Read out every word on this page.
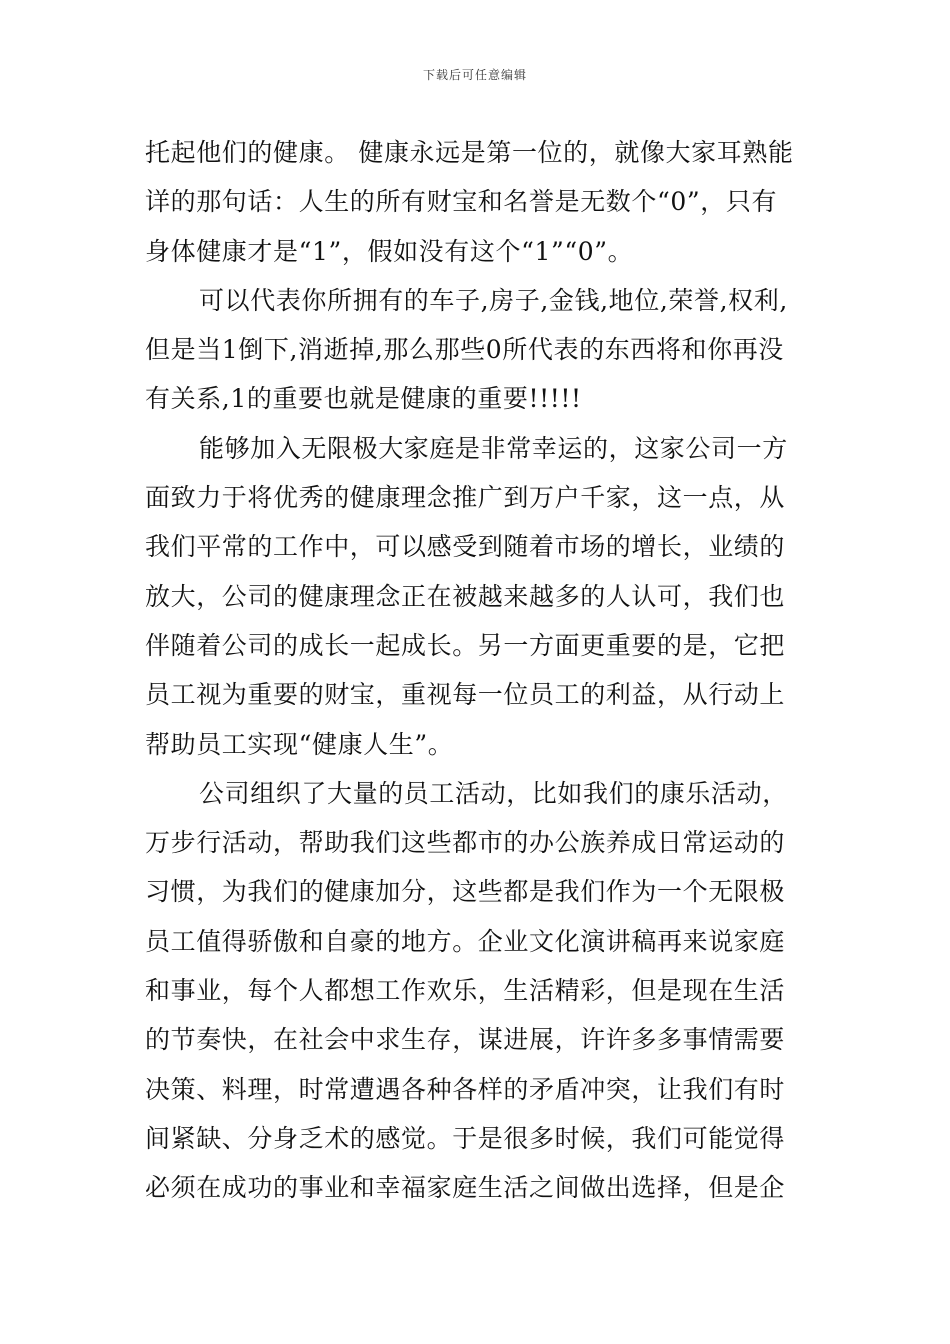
下载后可任意编辑
托起他们的健康。 健康永远是第一位的，就像大家耳熟能
详的那句话：人生的所有财宝和名誉是无数个“0”，只有
身体健康才是“1”，假如没有这个“1”“0”。
可以代表你所拥有的车子,房子,金钱,地位,荣誉,权利,
但是当1倒下,消逝掉,那么那些0所代表的东西将和你再没
有关系,1的重要也就是健康的重要!!!!!
能够加入无限极大家庭是非常幸运的，这家公司一方
面致力于将优秀的健康理念推广到万户千家，这一点，从
我们平常的工作中，可以感受到随着市场的增长，业绩的
放大，公司的健康理念正在被越来越多的人认可，我们也
伴随着公司的成长一起成长。另一方面更重要的是，它把
员工视为重要的财宝，重视每一位员工的利益，从行动上
帮助员工实现“健康人生”。
公司组织了大量的员工活动，比如我们的康乐活动，
万步行活动，帮助我们这些都市的办公族养成日常运动的
习惯，为我们的健康加分，这些都是我们作为一个无限极
员工值得骄傲和自豪的地方。企业文化演讲稿再来说家庭
和事业，每个人都想工作欢乐，生活精彩，但是现在生活
的节奏快，在社会中求生存，谋进展，许许多多事情需要
决策、料理，时常遭遇各种各样的矛盾冲突，让我们有时
间紧缺、分身乏术的感觉。于是很多时候，我们可能觉得
必须在成功的事业和幸福家庭生活之间做出选择，但是企
